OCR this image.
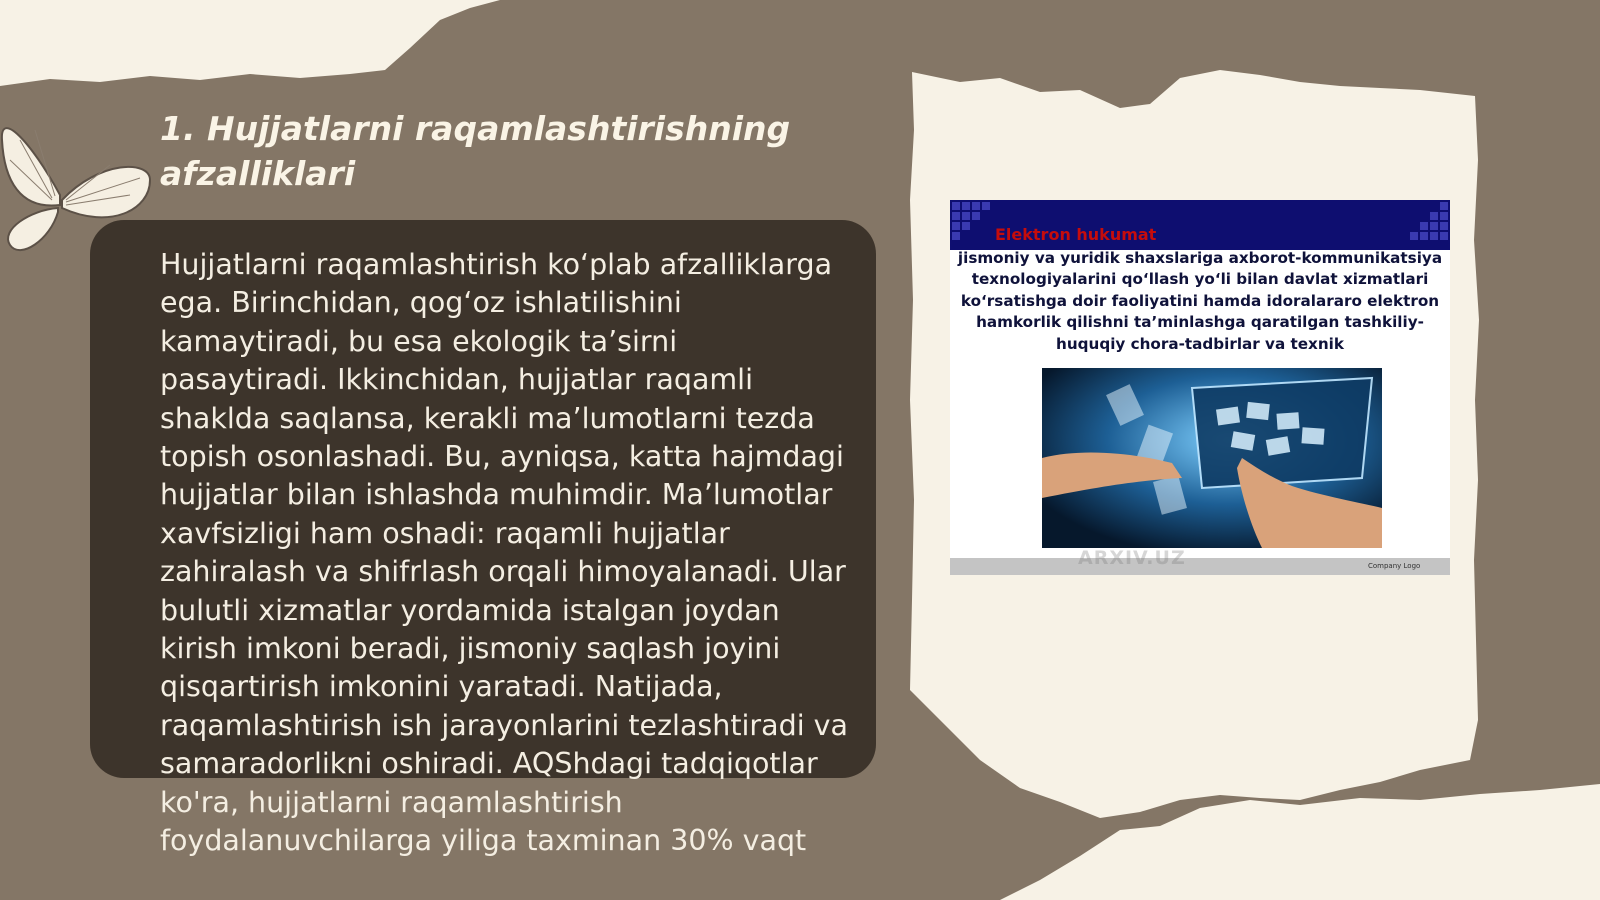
1. Hujjatlarni raqamlashtirishning afzalliklari

Hujjatlarni raqamlashtirish ko‘plab afzalliklarga ega. Birinchidan, qog‘oz ishlatilishini kamaytiradi, bu esa ekologik ta’sirni pasaytiradi. Ikkinchidan, hujjatlar raqamli shaklda saqlansa, kerakli ma’lumotlarni tezda topish osonlashadi. Bu, ayniqsa, katta hajmdagi hujjatlar bilan ishlashda muhimdir. Ma’lumotlar xavfsizligi ham oshadi: raqamli hujjatlar zahiralash va shifrlash orqali himoyalanadi. Ular bulutli xizmatlar yordamida istalgan joydan kirish imkoni beradi, jismoniy saqlash joyini qisqartirish imkonini yaratadi. Natijada, raqamlashtirish ish jarayonlarini tezlashtiradi va samaradorlikni oshiradi. AQShdagi tadqiqotlar ko'ra, hujjatlarni raqamlashtirish foydalanuvchilarga yiliga taxminan 30% vaqt

Elektron hukumat

jismoniy va yuridik shaxslariga axborot-kommunikatsiya texnologiyalarini qo‘llash yo‘li bilan davlat xizmatlari ko‘rsatishga doir faoliyatini hamda idoralararo elektron hamkorlik qilishni ta’minlashga qaratilgan tashkiliy-huquqiy chora-tadbirlar va texnik

Company Logo

ARXIV.UZ
